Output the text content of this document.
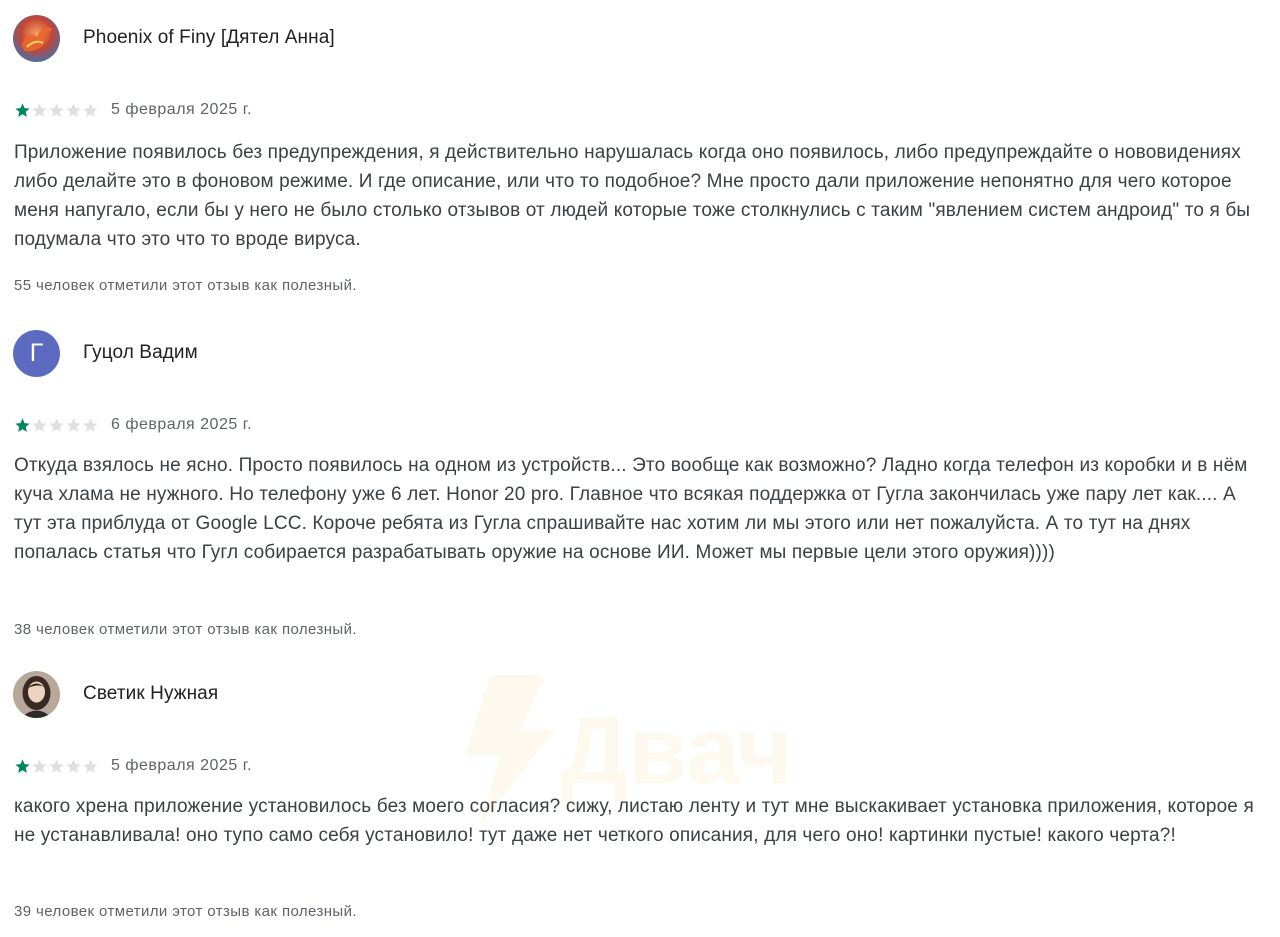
Phoenix of Finy [Дятел Анна]
5 февраля 2025 г.

Приложение появилось без предупреждения, я действительно нарушалась когда оно появилось, либо предупреждайте о нововидениях либо делайте это в фоновом режиме. И где описание, или что то подобное? Мне просто дали приложение непонятно для чего которое меня напугало, если бы у него не было столько отзывов от людей которые тоже столкнулись с таким "явлением систем андроид" то я бы подумала что это что то вроде вируса.

55 человек отметили этот отзыв как полезный.
Г	Гуцол Вадим
6 февраля 2025 г.

Откуда взялось не ясно. Просто появилось на одном из устройств... Это вообще как возможно? Ладно когда телефон из коробки и в нём куча хлама не нужного. Но телефону уже 6 лет. Honor 20 pro. Главное что всякая поддержка от Гугла закончилась уже пару лет как.... А тут эта приблуда от Google LCC. Короче ребята из Гугла спрашивайте нас хотим ли мы этого или нет пожалуйста. А то тут на днях попалась статья что Гугл собирается разрабатывать оружие на основе ИИ. Может мы первые цели этого оружия))))

38 человек отметили этот отзыв как полезный.
Светик Нужная
5 февраля 2025 г.

какого хрена приложение установилось без моего согласия? сижу, листаю ленту и тут мне выскакивает установка приложения, которое я не устанавливала! оно тупо само себя установило! тут даже нет четкого описания, для чего оно! картинки пустые! какого черта?!

39 человек отметили этот отзыв как полезный.
Двач
